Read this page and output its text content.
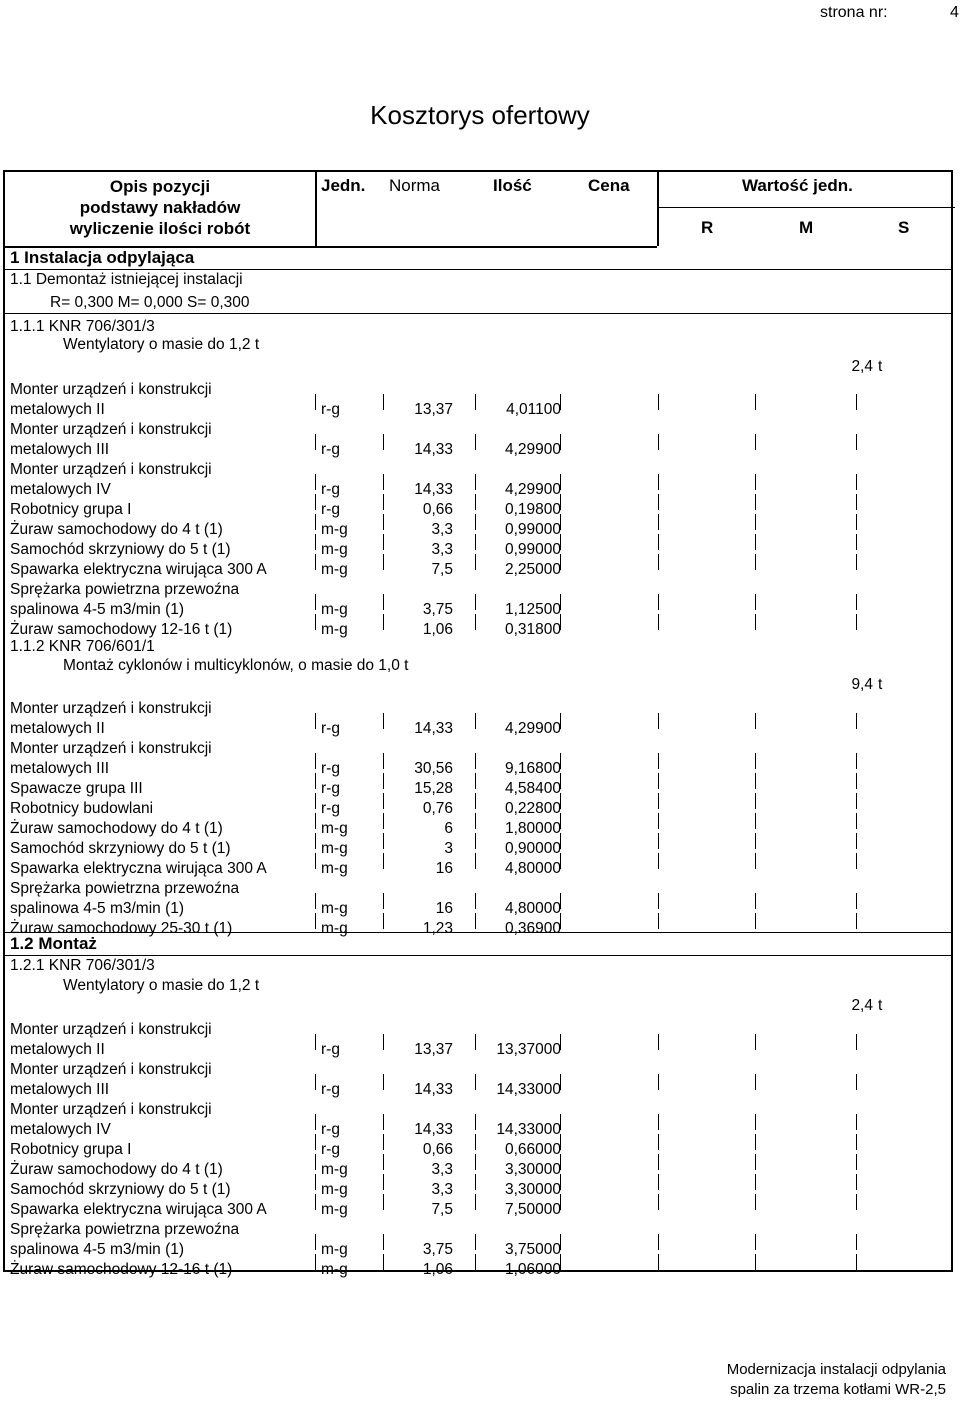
strona nr:	4
Kosztorys ofertowy
Opis pozycji
podstawy nakładów
wyliczenie ilości robót
Jedn. Norma	Ilość	Cena	Wartość jedn.
R	M	S
1 Instalacja odpylająca
1.1 Demontaż istniejącej instalacji
R= 0,300 M= 0,000 S= 0,300
1.1.1 KNR 706/301/3
Wentylatory o masie do 1,2 t
2,4 t
Monter urządzeń i konstrukcji
metalowych II	r-g	13,37	4,01100
Monter urządzeń i konstrukcji
metalowych III	r-g	14,33	4,29900
Monter urządzeń i konstrukcji
metalowych IV	r-g	14,33	4,29900
Robotnicy grupa I	r-g	0,66	0,19800
Żuraw samochodowy do 4 t (1)	m-g	3,3	0,99000
Samochód skrzyniowy do 5 t (1)	m-g	3,3	0,99000
Spawarka elektryczna wirująca 300 A	m-g	7,5	2,25000
Sprężarka powietrzna przewoźna
spalinowa 4-5 m3/min (1)	m-g	3,75	1,12500
Żuraw samochodowy 12-16 t (1)	m-g	1,06	0,31800
1.1.2 KNR 706/601/1
Montaż cyklonów i multicyklonów, o masie do 1,0 t
9,4 t
Monter urządzeń i konstrukcji
metalowych II	r-g	14,33	4,29900
Monter urządzeń i konstrukcji
metalowych III	r-g	30,56	9,16800
Spawacze grupa III	r-g	15,28	4,58400
Robotnicy budowlani	r-g	0,76	0,22800
Żuraw samochodowy do 4 t (1)	m-g	6	1,80000
Samochód skrzyniowy do 5 t (1)	m-g	3	0,90000
Spawarka elektryczna wirująca 300 A	m-g	16	4,80000
Sprężarka powietrzna przewoźna
spalinowa 4-5 m3/min (1)	m-g	16	4,80000
Żuraw samochodowy 25-30 t (1)	m-g	1,23	0,36900
1.2 Montaż
1.2.1 KNR 706/301/3
Wentylatory o masie do 1,2 t
2,4 t
Monter urządzeń i konstrukcji
metalowych II	r-g	13,37	13,37000
Monter urządzeń i konstrukcji
metalowych III	r-g	14,33	14,33000
Monter urządzeń i konstrukcji
metalowych IV	r-g	14,33	14,33000
Robotnicy grupa I	r-g	0,66	0,66000
Żuraw samochodowy do 4 t (1)	m-g	3,3	3,30000
Samochód skrzyniowy do 5 t (1)	m-g	3,3	3,30000
Spawarka elektryczna wirująca 300 A	m-g	7,5	7,50000
Sprężarka powietrzna przewoźna
spalinowa 4-5 m3/min (1)	m-g	3,75	3,75000
Żuraw samochodowy 12-16 t (1)	m-g	1,06	1,06000
Modernizacja instalacji odpylania
spalin za trzema kotłami WR-2,5
